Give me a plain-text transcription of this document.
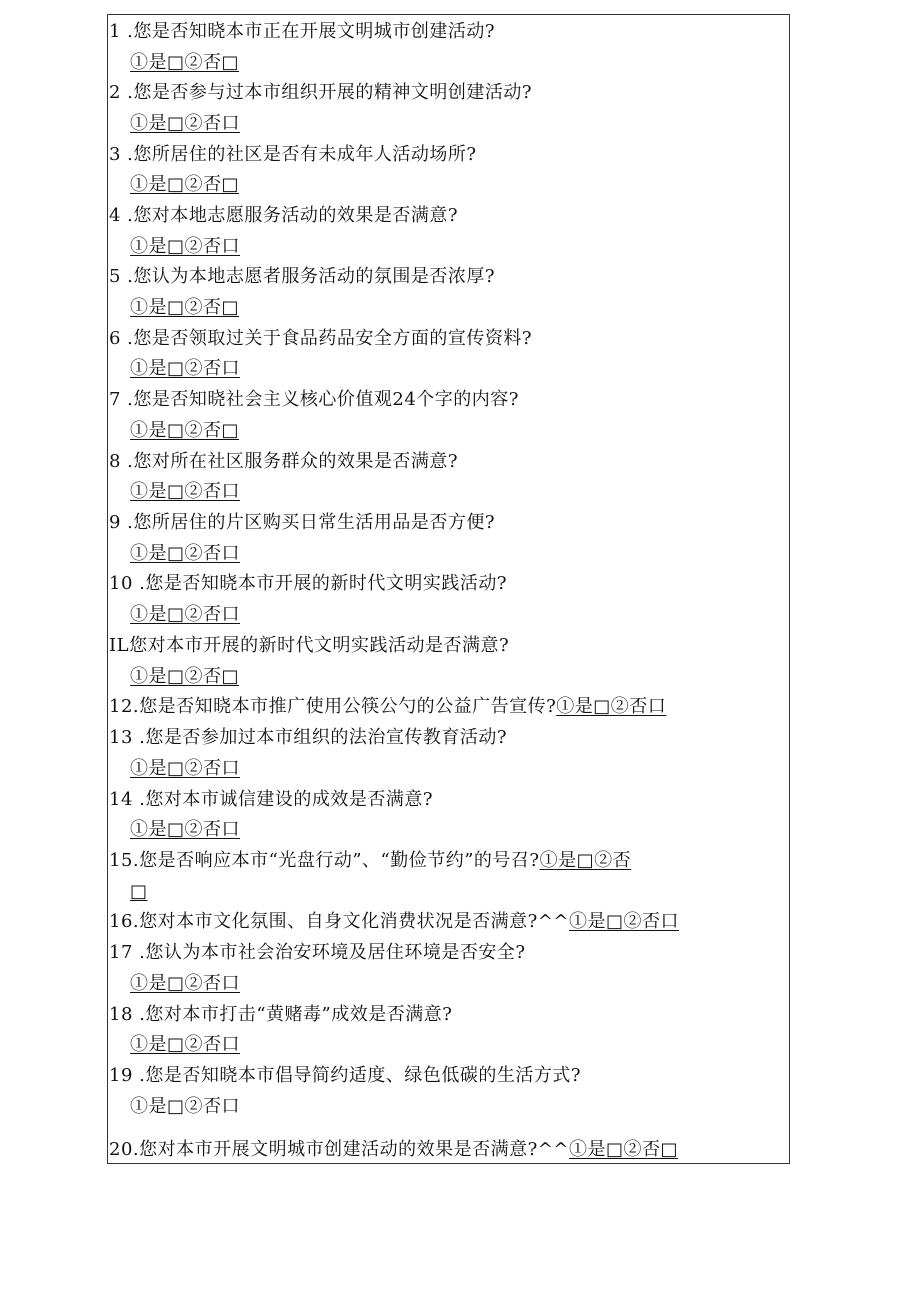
1 .您是否知晓本市正在开展文明城市创建活动?
①是□②否□
2 .您是否参与过本市组织开展的精神文明创建活动?
①是□②否口
3 .您所居住的社区是否有未成年人活动场所?
①是□②否□
4 .您对本地志愿服务活动的效果是否满意?
①是□②否口
5 .您认为本地志愿者服务活动的氛围是否浓厚?
①是□②否□
6 .您是否领取过关于食品药品安全方面的宣传资料?
①是□②否口
7 .您是否知晓社会主义核心价值观24个字的内容?
①是□②否□
8 .您对所在社区服务群众的效果是否满意?
①是□②否口
9 .您所居住的片区购买日常生活用品是否方便?
①是□②否口
10 .您是否知晓本市开展的新时代文明实践活动?
①是□②否口
IL您对本市开展的新时代文明实践活动是否满意?
①是□②否□
12.您是否知晓本市推广使用公筷公勺的公益广告宣传?①是□②否口
13 .您是否参加过本市组织的法治宣传教育活动?
①是□②否口
14 .您对本市诚信建设的成效是否满意?
①是□②否口
15.您是否响应本市“光盘行动”、“勤俭节约”的号召?①是□②否
□
16.您对本市文化氛围、自身文化消费状况是否满意?^^①是□②否口
17 .您认为本市社会治安环境及居住环境是否安全?
①是□②否口
18 .您对本市打击“黄赌毒”成效是否满意?
①是□②否口
19 .您是否知晓本市倡导简约适度、绿色低碳的生活方式?
①是□②否口
20.您对本市开展文明城市创建活动的效果是否满意?^^①是□②否□
